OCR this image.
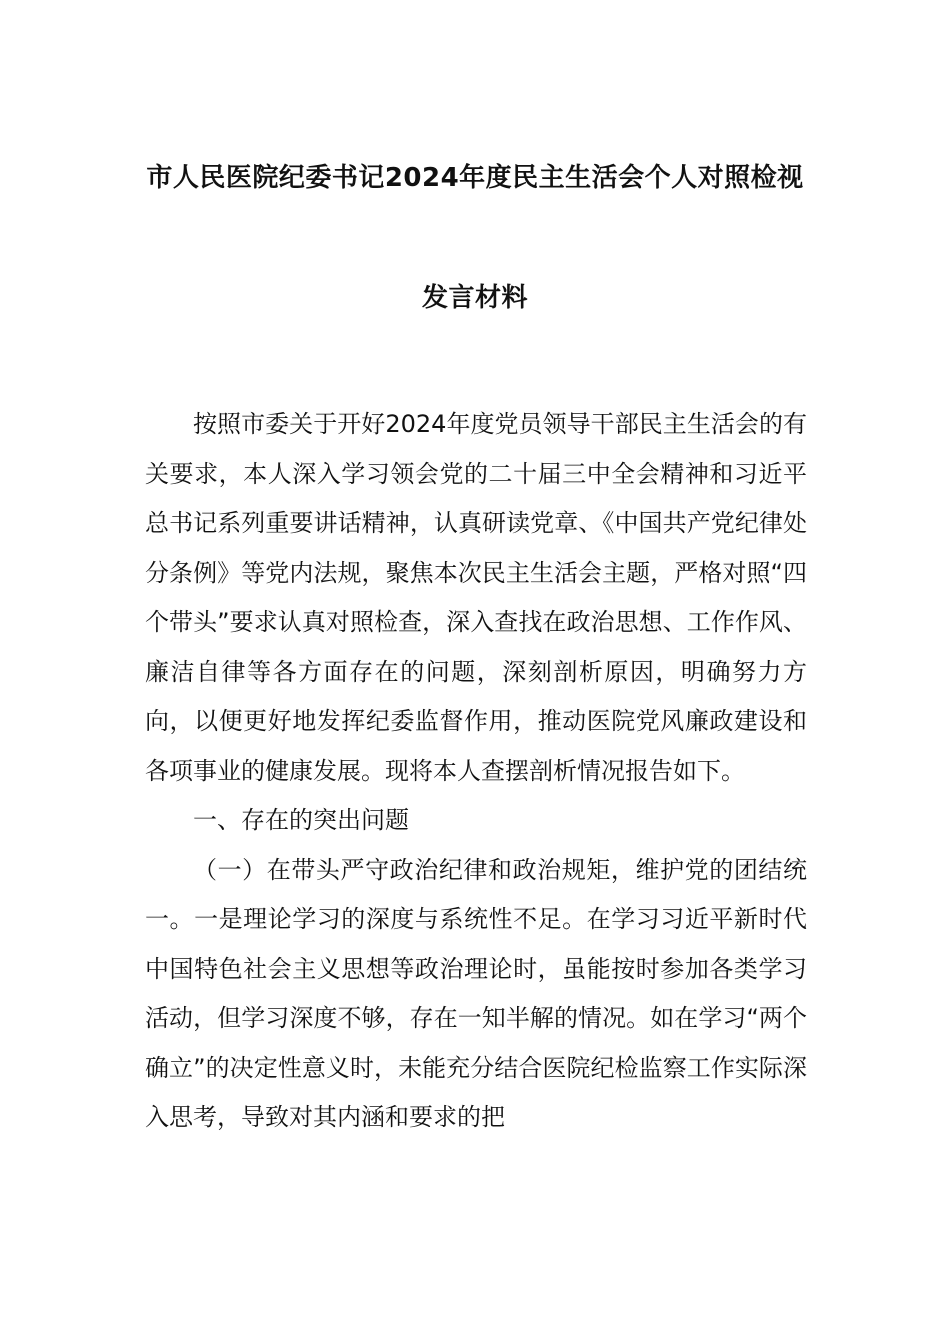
市人民医院纪委书记2024年度民主生活会个人对照检视
发言材料

按照市委关于开好2024年度党员领导干部民主生活会的有关要求，本人深入学习领会党的二十届三中全会精神和习近平总书记系列重要讲话精神，认真研读党章、《中国共产党纪律处分条例》等党内法规，聚焦本次民主生活会主题，严格对照“四个带头”要求认真对照检查，深入查找在政治思想、工作作风、廉洁自律等各方面存在的问题，深刻剖析原因，明确努力方向，以便更好地发挥纪委监督作用，推动医院党风廉政建设和各项事业的健康发展。现将本人查摆剖析情况报告如下。

一、存在的突出问题

（一）在带头严守政治纪律和政治规矩，维护党的团结统一。一是理论学习的深度与系统性不足。在学习习近平新时代中国特色社会主义思想等政治理论时，虽能按时参加各类学习活动，但学习深度不够，存在一知半解的情况。如在学习“两个确立”的决定性意义时，未能充分结合医院纪检监察工作实际深入思考，导致对其内涵和要求的把
